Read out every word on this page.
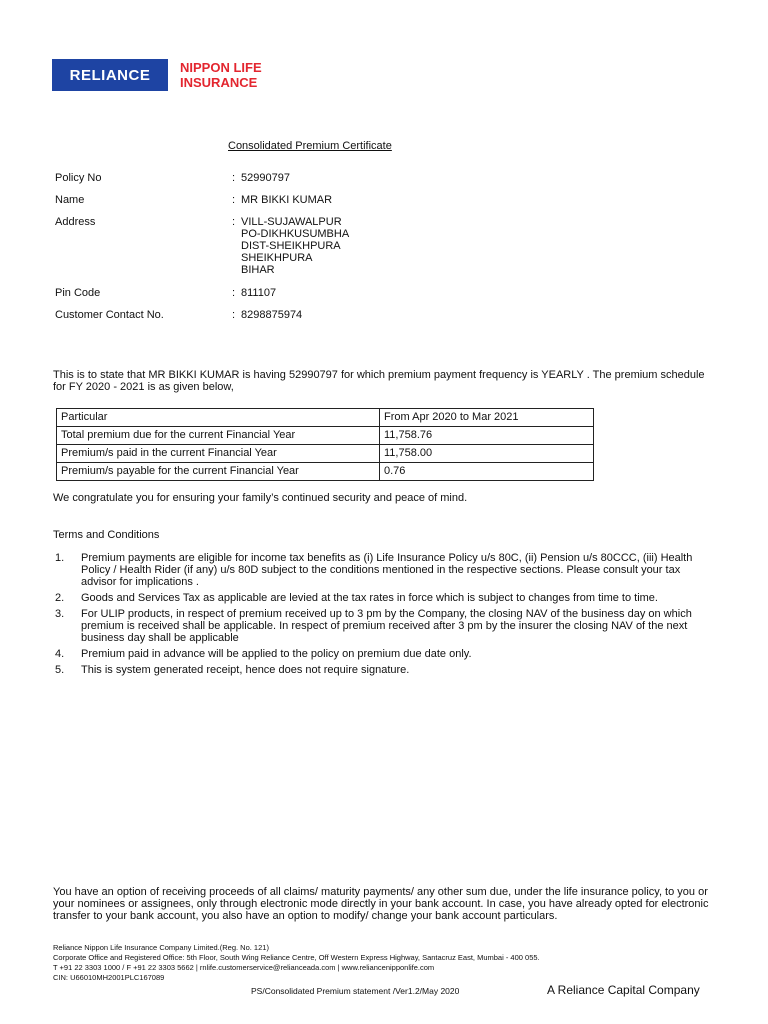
RELIANCE NIPPON LIFE
INSURANCE
Consolidated Premium Certificate
Policy No	: 52990797
Name	: MR BIKKI KUMAR
Address	: VILL-SUJAWALPUR
PO-DIKHKUSUMBHA
DIST-SHEIKHPURA
SHEIKHPURA
BIHAR
Pin Code	: 811107
Customer Contact No.	: 8298875974
This is to state that MR BIKKI KUMAR is having 52990797 for which premium payment frequency is YEARLY . The premium schedule for FY 2020 - 2021 is as given below,
Particular	From Apr 2020 to Mar 2021
Total premium due for the current Financial Year	11,758.76
Premium/s paid in the current Financial Year	11,758.00
Premium/s payable for the current Financial Year	0.76
We congratulate you for ensuring your family’s continued security and peace of mind.
Terms and Conditions
1.	Premium payments are eligible for income tax benefits as (i) Life Insurance Policy u/s 80C, (ii) Pension u/s 80CCC, (iii) Health Policy / Health Rider (if any) u/s 80D subject to the conditions mentioned in the respective sections. Please consult your tax advisor for implications .
2.	Goods and Services Tax as applicable are levied at the tax rates in force which is subject to changes from time to time.
3.	For ULIP products, in respect of premium received up to 3 pm by the Company, the closing NAV of the business day on which premium is received shall be applicable. In respect of premium received after 3 pm by the insurer the closing NAV of the next business day shall be applicable
4.	Premium paid in advance will be applied to the policy on premium due date only.
5.	This is system generated receipt, hence does not require signature.
You have an option of receiving proceeds of all claims/ maturity payments/ any other sum due, under the life insurance policy, to you or your nominees or assignees, only through electronic mode directly in your bank account. In case, you have already opted for electronic transfer to your bank account, you also have an option to modify/ change your bank account particulars.
Reliance Nippon Life Insurance Company Limited.(Reg. No. 121)
Corporate Office and Registered Office: 5th Floor, South Wing Reliance Centre, Off Western Express Highway, Santacruz East, Mumbai - 400 055.
T +91 22 3303 1000 / F +91 22 3303 5662 | rnlife.customerservice@relianceada.com | www.reliancenipponlife.com
CIN: U66010MH2001PLC167089
PS/Consolidated Premium statement /Ver1.2/May 2020	A Reliance Capital Company
